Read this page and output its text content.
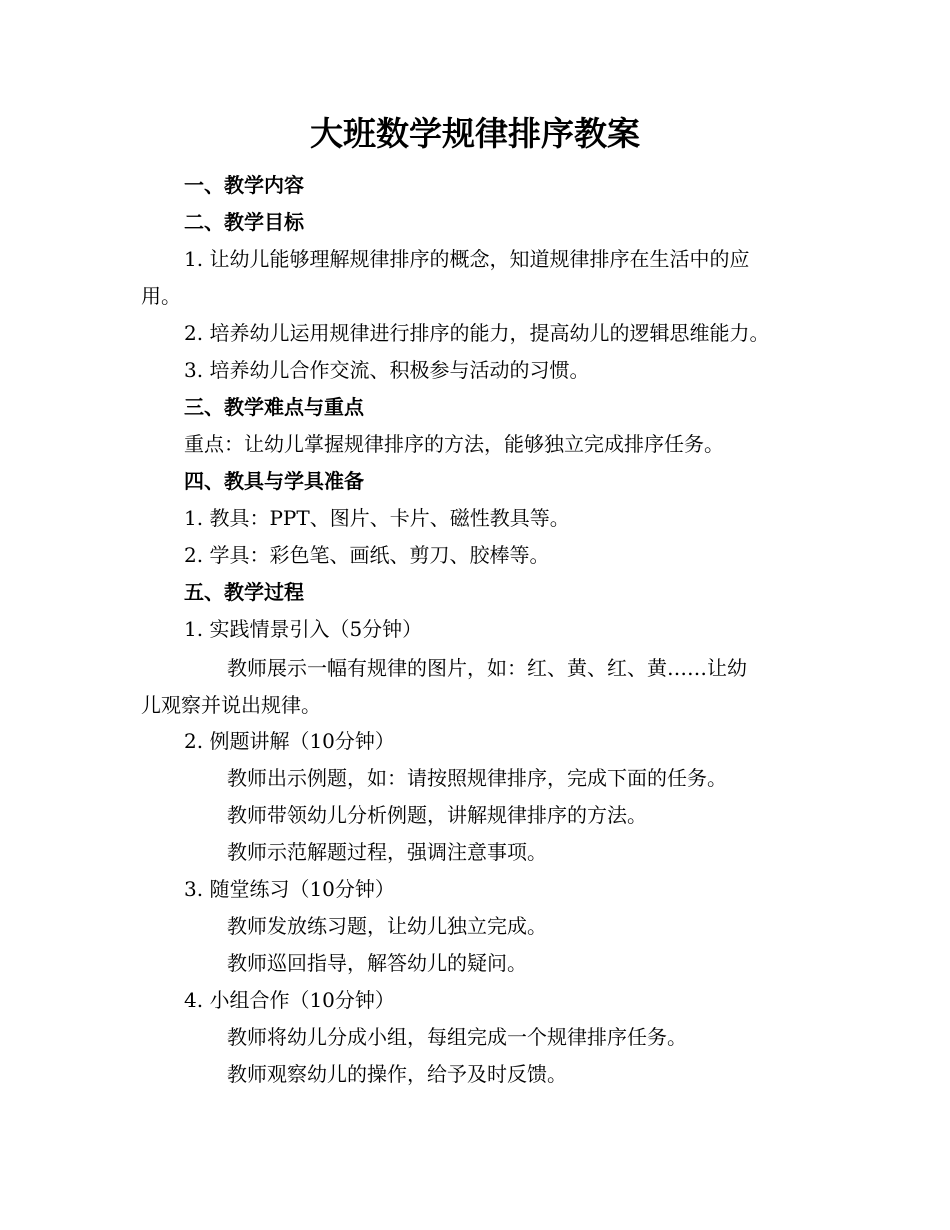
大班数学规律排序教案

一、教学内容

二、教学目标

1. 让幼儿能够理解规律排序的概念，知道规律排序在生活中的应

用。

2. 培养幼儿运用规律进行排序的能力，提高幼儿的逻辑思维能力。

3. 培养幼儿合作交流、积极参与活动的习惯。

三、教学难点与重点

重点：让幼儿掌握规律排序的方法，能够独立完成排序任务。

四、教具与学具准备

1. 教具：PPT、图片、卡片、磁性教具等。

2. 学具：彩色笔、画纸、剪刀、胶棒等。

五、教学过程

1. 实践情景引入（5分钟）

教师展示一幅有规律的图片，如：红、黄、红、黄……让幼

儿观察并说出规律。

2. 例题讲解（10分钟）

教师出示例题，如：请按照规律排序，完成下面的任务。

教师带领幼儿分析例题，讲解规律排序的方法。

教师示范解题过程，强调注意事项。

3. 随堂练习（10分钟）

教师发放练习题，让幼儿独立完成。

教师巡回指导，解答幼儿的疑问。

4. 小组合作（10分钟）

教师将幼儿分成小组，每组完成一个规律排序任务。

教师观察幼儿的操作，给予及时反馈。
